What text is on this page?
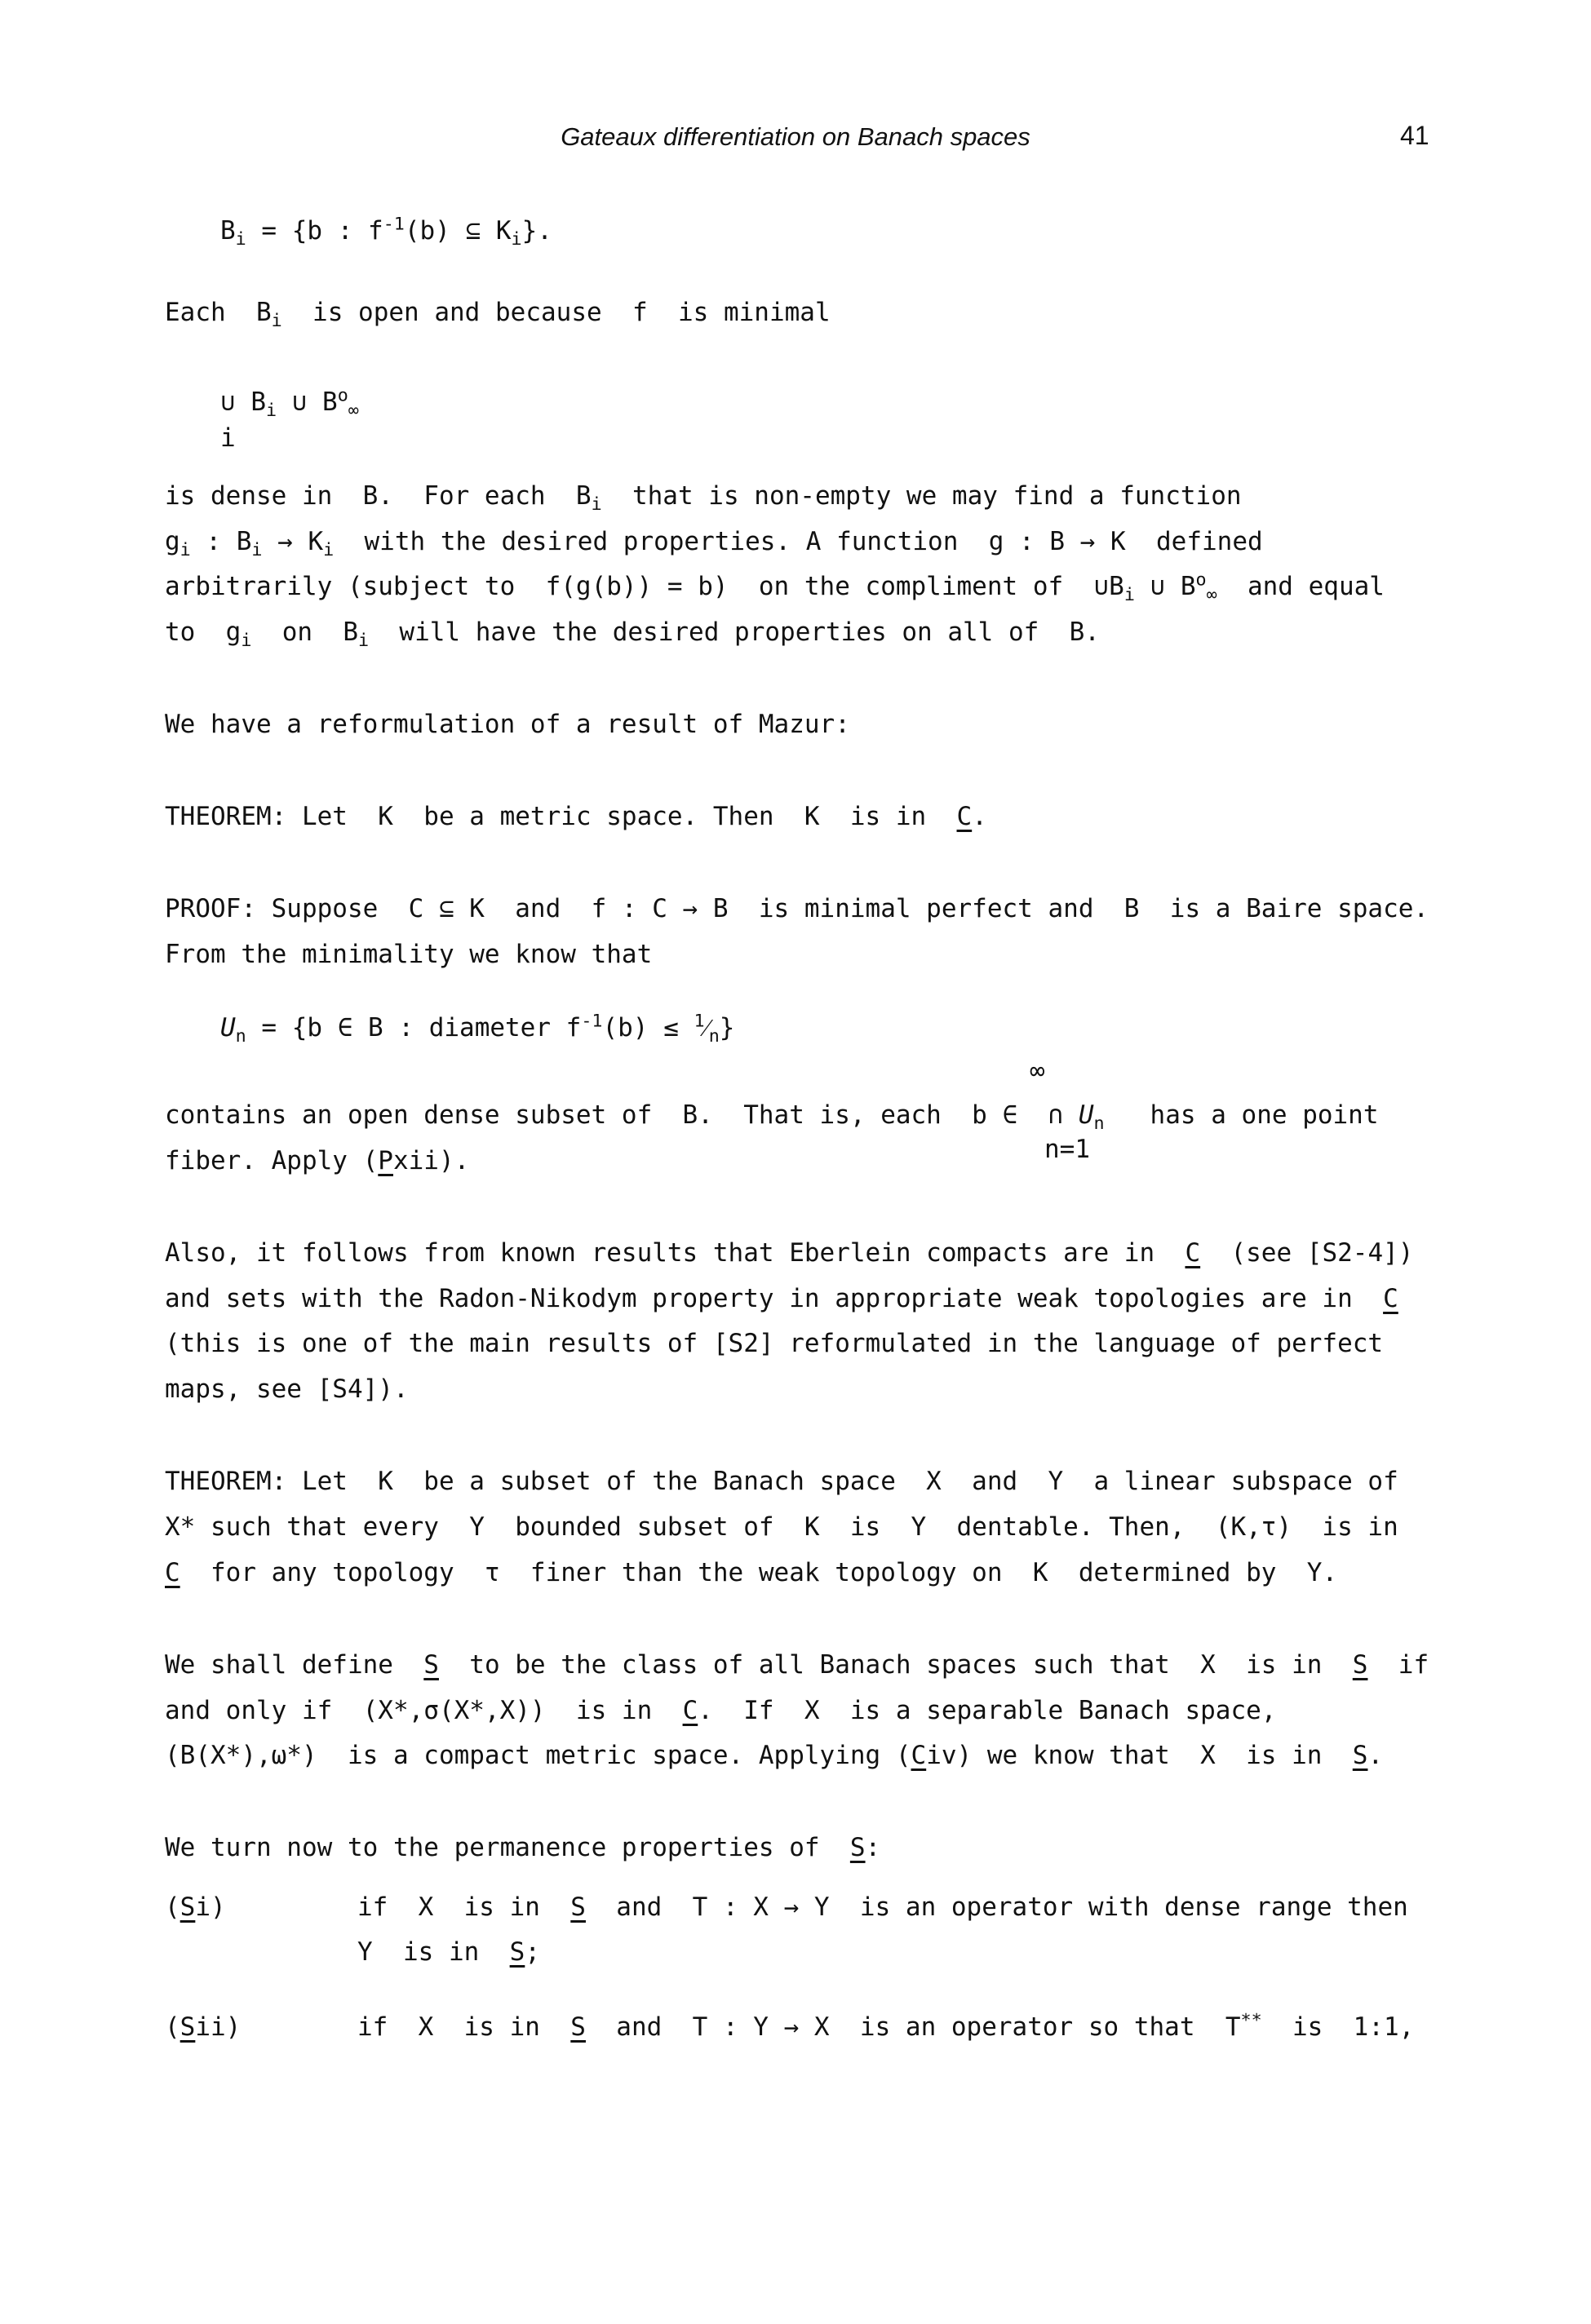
Gateaux differentiation on Banach spaces	41
$B_i = \{b$ : $f^{-1}(b)$ ⊆ $K_i$}.
Each  $B_i$  is open and because  f  is minimal
∪ $B_i$ ∪ $B^o_\infty$
i
is dense in  B.  For each  $B_i$  that is non-empty we may find a function
$g_i$ : $B_i \to K_i$  with the desired properties. A function  g : B → K  defined
arbitrarily (subject to  f(g(b)) = b)  on the compliment of  $\cup B_i$ ∪ $B^o_\infty$  and equal
to  $g_i$  on  $B_i$  will have the desired properties on all of  B.
We have a reformulation of a result of Mazur:
THEOREM: Let  K  be a metric space. Then  K  is in  C.
PROOF: Suppose  C ⊆ K  and  f : C → B  is minimal perfect and  B  is a Baire space.
From the minimality we know that
$U_n = \{b$ ∈ B : diameter $f^{-1}(b)$ ≤ $^1⁄_n$}
∞
contains an open dense subset of  B.  That is, each  b ∈  ∩ $U_n$   has a one point
n=1
fiber. Apply (Pxii).
Also, it follows from known results that Eberlein compacts are in  C  (see [S2-4])
and sets with the Radon-Nikodym property in appropriate weak topologies are in  C
(this is one of the main results of [S2] reformulated in the language of perfect
maps, see [S4]).
THEOREM: Let  K  be a subset of the Banach space  X  and  Y  a linear subspace of
X* such that every  Y  bounded subset of  K  is  Y  dentable. Then,  (K,τ)  is in
C  for any topology  τ  finer than the weak topology on  K  determined by  Y.
We shall define  S  to be the class of all Banach spaces such that  X  is in  S  if
and only if  (X*,σ(X*,X))  is in  C.  If  X  is a separable Banach space,
(B(X*),ω*)  is a compact metric space. Applying (Civ) we know that  X  is in  S.
We turn now to the permanence properties of  S:
(Si)	if  X  is in  S  and  T : X → Y  is an operator with dense range then
Y  is in  S;
(Sii)	if  X  is in  S  and  T : Y → X  is an operator so that  T**  is  1:1,
